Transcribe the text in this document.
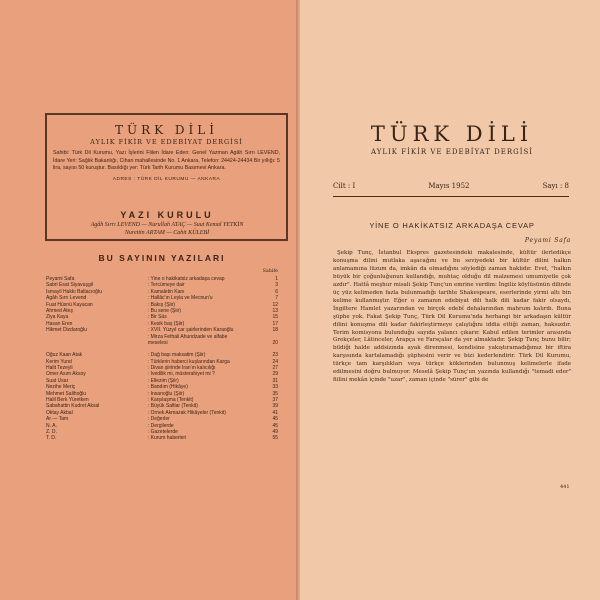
TÜRK DİLİ
AYLIK FİKİR VE EDEBİYAT DERGİSİ
Sahibi: Türk Dil Kurumu, Yazı İşlerini Fiilen İdare Eden: Genel Yazman Agâh Sırrı LEVEND, İdare Yeri: Sağlık Bakanlığı, Cihan mahallesinde No. 1 Ankara, Telefon: 24424-24434 Bir yıllığı: 5 lira, sayısı 50 kuruştur. Basıldığı yer: Türk Tarih Kurumu Basımevi Ankara.
ADRES : TÜRK DİL KURUMU — ANKARA
YAZI KURULU
Agâh Sırrı LEVEND — Nurullah ATAÇ — Suut Kemal YETKİN
Nurettin ARTAM — Cahit KÜLEBİ
BU SAYININ YAZILARI
Sahife
Peyami Safa	: Yine o hakikatsiz arkadaşa cevap	1
Sabri Esat Siyavuşgil	: Tercümeye dair	3
İsmayil Hakkı Baltacıoğlu	: Kamaletin Kanı	6
Agâh Sırrı Levend	: Hallâc'ın Leyla ve Mecnun'u	7
Fuat Hüsnü Kayacan	: Bakış (Şiir)	12
Ahmed Ateş	: Bu sene (Şiir)	13
Ziya Kaya	: Bir Süs	15
Hasan Eren	: Kesik baş (Şiir)	17
Hikmet Dizdaroğlu	: XVII. Yüzyıl car şairlerinden Karaoğlu	18
: Mirza Fethali Ahundzade ve alfabe
meselesi	20
Oğuz Kaan Atak	: Dağ başı maksatim (Şiir)	23
Kerim Yund	: Türklerin haberci kuşlarından Karga	24
Halit Tezeyli	: Divan şiirinde İran'ın kalıcılığı	27
Ömer Asım Aksoy	: İvedilik mi, müsterahiyet mi ?	29
Suat Usar	: Ellezim (Şiir)	31
Nezihe Meriç	: Bandım (Hikâye)	33
Mehmet Salihoğlu	: İnsanoğlu (Şiir)	35
Halil Berk Yüretken	: Karşılaşma (Tenkit)	37
Sabahattin Kudret Aksal	: Büyük Saltlar (Tenkit)	39
Oktay Akbal	: Örnek Akmazak Hikâyeler (Tenkit)	41
Ar — Tam	: Değerler	45
N. A.	: Dergilerde	45
Z. D.	: Gazetelerde	49
T. D.	: Kurum haberleri	55
TÜRK DİLİ
AYLIK FİKİR VE EDEBİYAT DERGİSİ
Cilt : I	Mayıs 1952	Sayı : 8
YİNE O HAKİKATSIZ ARKADAŞA CEVAP
Peyami Safa
Şekip Tunç, İstanbul Ekspres gazetesindeki makalesinde, kültür ilerledikçe konuşma dilini mutlaka aşacağını ve bu seviyedeki bir kültür dilini halkın anlamamına lüzum da, imkân da olmadığını söylediği zaman haklıdır. Evet, "halkın büyük bir çoğunluğunun kullandığı, muhtaç olduğu dil malzemesi umumiyetle çok azdır". Hattâ meşhur misali Şekip Tunç'un emrine verdim: İngiliz köylüsünün dilinde üç yüz kelimeden fazla bulunmadığı tarihte Shakespeare, eserlerinde yirmi altı bin kelime kullanmıştır. Eğer o zamanın edebiyat dili halk dili kadar fakir olsaydı, İngiltere Hamlet yazarından ve birçok edebî dehalarından mahrum kalırdı. Buna şüphe yok. Fakat Şekip Tunç, Türk Dil Kurumu'nda herhangi bir arkadaşın kültür dilini konuşma dili kadar fakirleştirmeye çalıştığını iddia ettiği zaman, haksızdır. Terim komisyonu bulunduğu sayıda yalancı çıkarır. Kabul edilen terimler arasında Grekçeler, Lâtinceler, Arapça ve Farsçalar da yer almaktadır. Şekip Tunç bunu bilir; bildiği halde addsizında ayak direnmesi, kendisine yakıştıramadığımız bir iftira karşısında kartalamadığı şüphesini verir ve bizi kederlendirir. Türk Dil Kurumu, türkçe tam karşılıkları veya türkçe köklerinden bulunmuş kelimelerle ifade edilmesini doğru bulmuyor. Meselâ Şekip Tunç'un yazında kullandığı "temadi eder" fiilini mekân içinde "uzar", zaman içinde "sürer" gibi de
441
